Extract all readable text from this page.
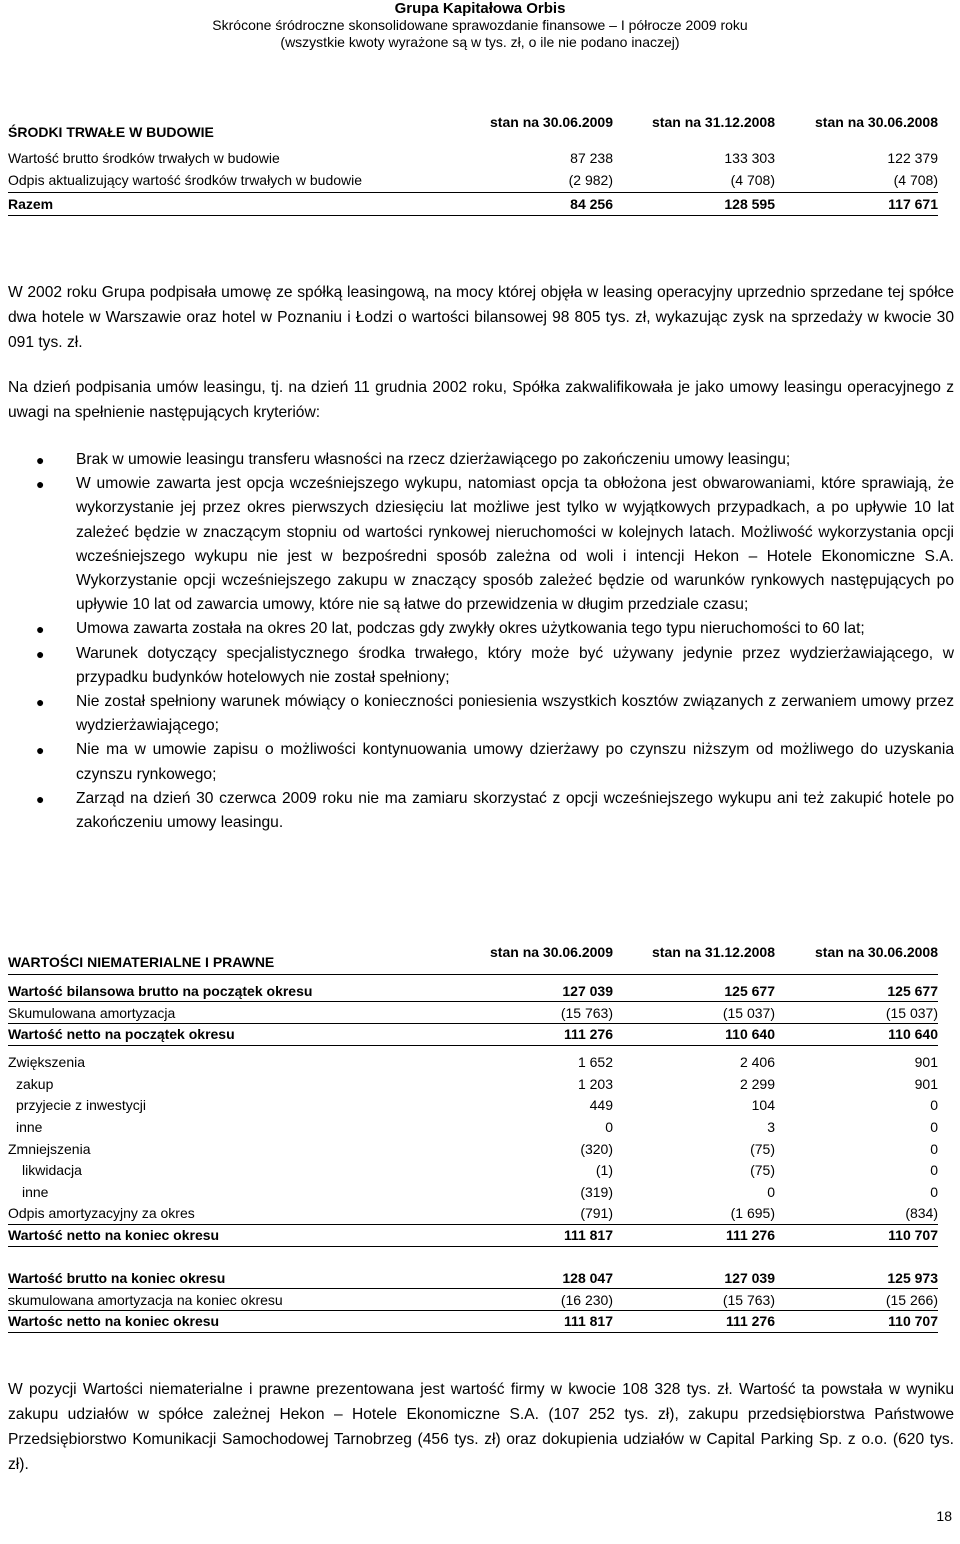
Grupa Kapitałowa Orbis
Skrócone śródroczne skonsolidowane sprawozdanie finansowe – I półrocze 2009 roku
(wszystkie kwoty wyrażone są w tys. zł, o ile nie podano inaczej)
ŚRODKI TRWAŁE W BUDOWIE	stan na 30.06.2009	stan na 31.12.2008	stan na 30.06.2008
Wartość brutto środków trwałych w budowie	87 238	133 303	122 379
Odpis aktualizujący wartość środków trwałych w budowie	(2 982)	(4 708)	(4 708)
Razem	84 256	128 595	117 671
W 2002 roku Grupa podpisała umowę ze spółką leasingową, na mocy której objęła w leasing operacyjny uprzednio sprzedane tej spółce dwa hotele w Warszawie oraz hotel w Poznaniu i Łodzi o wartości bilansowej 98 805 tys. zł, wykazując zysk na sprzedaży w kwocie 30 091 tys. zł.
Na dzień podpisania umów leasingu, tj. na dzień 11 grudnia 2002 roku, Spółka zakwalifikowała je jako umowy leasingu operacyjnego z uwagi na spełnienie następujących kryteriów:
● Brak w umowie leasingu transferu własności na rzecz dzierżawiącego po zakończeniu umowy leasingu;
● W umowie zawarta jest opcja wcześniejszego wykupu, natomiast opcja ta obłożona jest obwarowaniami, które sprawiają, że wykorzystanie jej przez okres pierwszych dziesięciu lat możliwe jest tylko w wyjątkowych przypadkach, a po upływie 10 lat zależeć będzie w znaczącym stopniu od wartości rynkowej nieruchomości w kolejnych latach. Możliwość wykorzystania opcji wcześniejszego wykupu nie jest w bezpośredni sposób zależna od woli i intencji Hekon – Hotele Ekonomiczne S.A. Wykorzystanie opcji wcześniejszego zakupu w znaczący sposób zależeć będzie od warunków rynkowych następujących po upływie 10 lat od zawarcia umowy, które nie są łatwe do przewidzenia w długim przedziale czasu;
● Umowa zawarta została na okres 20 lat, podczas gdy zwykły okres użytkowania tego typu nieruchomości to 60 lat;
● Warunek dotyczący specjalistycznego środka trwałego, który może być używany jedynie przez wydzierżawiającego, w przypadku budynków hotelowych nie został spełniony;
● Nie został spełniony warunek mówiący o konieczności poniesienia wszystkich kosztów związanych z zerwaniem umowy przez wydzierżawiającego;
● Nie ma w umowie zapisu o możliwości kontynuowania umowy dzierżawy po czynszu niższym od możliwego do uzyskania czynszu rynkowego;
● Zarząd na dzień 30 czerwca 2009 roku nie ma zamiaru skorzystać z opcji wcześniejszego wykupu ani też zakupić hotele po zakończeniu umowy leasingu.
WARTOŚCI NIEMATERIALNE I PRAWNE	stan na 30.06.2009	stan na 31.12.2008	stan na 30.06.2008

Wartość bilansowa brutto na początek okresu	127 039	125 677	125 677
Skumulowana amortyzacja	(15 763)	(15 037)	(15 037)
Wartość netto na początek okresu	111 276	110 640	110 640

Zwiększenia	1 652	2 406	901
zakup	1 203	2 299	901
przyjecie z inwestycji	449	104	0
inne	0	3	0
Zmniejszenia	(320)	(75)	0
likwidacja	(1)	(75)	0
inne	(319)	0	0
Odpis amortyzacyjny za okres	(791)	(1 695)	(834)
Wartość netto na koniec okresu	111 817	111 276	110 707

Wartość brutto na koniec okresu	128 047	127 039	125 973
skumulowana amortyzacja na koniec okresu	(16 230)	(15 763)	(15 266)
Wartośc netto na koniec okresu	111 817	111 276	110 707
W pozycji Wartości niematerialne i prawne prezentowana jest wartość firmy w kwocie 108 328 tys. zł. Wartość ta powstała w wyniku zakupu udziałów w spółce zależnej Hekon – Hotele Ekonomiczne S.A. (107 252 tys. zł), zakupu przedsiębiorstwa Państwowe Przedsiębiorstwo Komunikacji Samochodowej Tarnobrzeg (456 tys. zł) oraz dokupienia udziałów w Capital Parking Sp. z o.o. (620 tys. zł).
18
